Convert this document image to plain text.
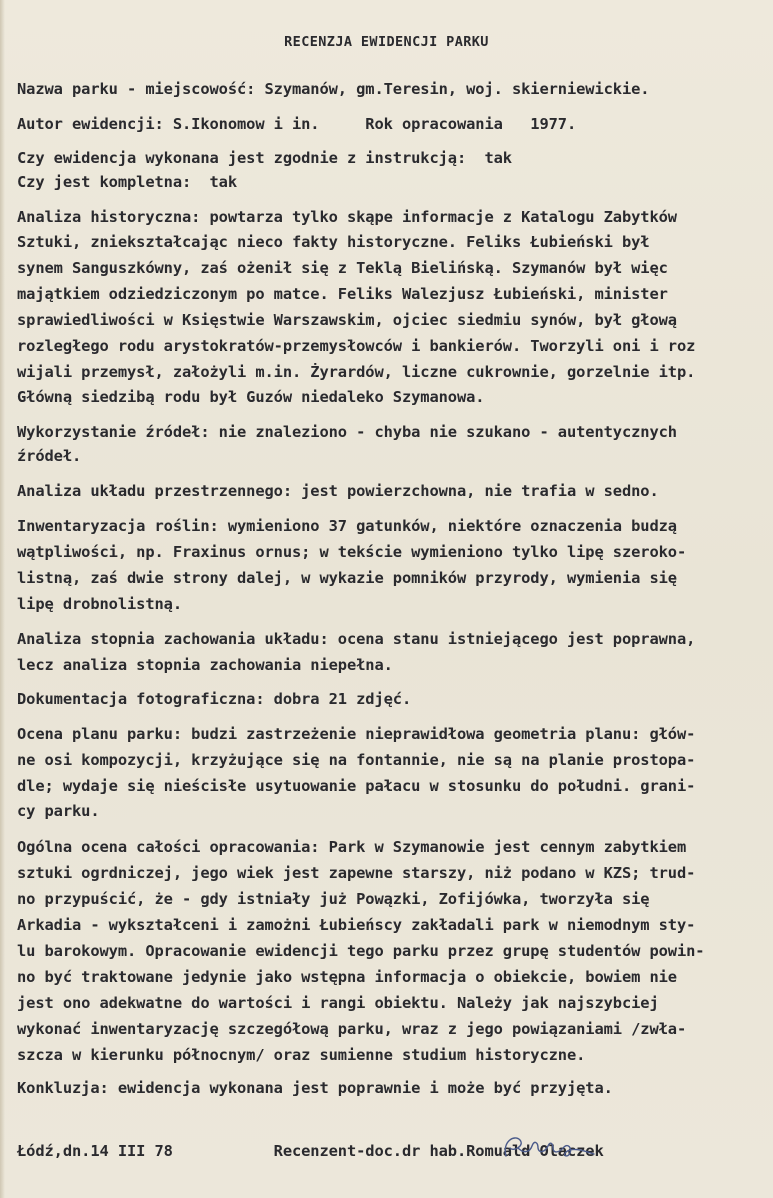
RECENZJA EWIDENCJI PARKU
Nazwa parku - miejscowość: Szymanów, gm.Teresin, woj. skierniewickie.
Autor ewidencji: S.Ikonomow i in.     Rok opracowania   1977.
Czy ewidencja wykonana jest zgodnie z instrukcją:  tak
Czy jest kompletna:  tak
Analiza historyczna: powtarza tylko skąpe informacje z Katalogu Zabytków
Sztuki, zniekształcając nieco fakty historyczne. Feliks Łubieński był
synem Sanguszkówny, zaś ożenił się z Teklą Bielińską. Szymanów był więc
majątkiem odziedziczonym po matce. Feliks Walezjusz Łubieński, minister
sprawiedliwości w Księstwie Warszawskim, ojciec siedmiu synów, był głową
rozległego rodu arystokratów-przemysłowców i bankierów. Tworzyli oni i roz
wijali przemysł, założyli m.in. Żyrardów, liczne cukrownie, gorzelnie itp.
Główną siedzibą rodu był Guzów niedaleko Szymanowa.
Wykorzystanie źródeł: nie znaleziono - chyba nie szukano - autentycznych
źródeł.
Analiza układu przestrzennego: jest powierzchowna, nie trafia w sedno.
Inwentaryzacja roślin: wymieniono 37 gatunków, niektóre oznaczenia budzą
wątpliwości, np. Fraxinus ornus; w tekście wymieniono tylko lipę szeroko-
listną, zaś dwie strony dalej, w wykazie pomników przyrody, wymienia się
lipę drobnolistną.
Analiza stopnia zachowania układu: ocena stanu istniejącego jest poprawna,
lecz analiza stopnia zachowania niepełna.
Dokumentacja fotograficzna: dobra 21 zdjęć.
Ocena planu parku: budzi zastrzeżenie nieprawidłowa geometria planu: głów-
ne osi kompozycji, krzyżujące się na fontannie, nie są na planie prostopa-
dle; wydaje się nieścisłe usytuowanie pałacu w stosunku do południ. grani-
cy parku.
Ogólna ocena całości opracowania: Park w Szymanowie jest cennym zabytkiem
sztuki ogrdniczej, jego wiek jest zapewne starszy, niż podano w KZS; trud-
no przypuścić, że - gdy istniały już Powązki, Zofijówka, tworzyła się
Arkadia - wykształceni i zamożni Łubieńscy zakładali park w niemodnym sty-
lu barokowym. Opracowanie ewidencji tego parku przez grupę studentów powin-
no być traktowane jedynie jako wstępna informacja o obiekcie, bowiem nie
jest ono adekwatne do wartości i rangi obiektu. Należy jak najszybciej
wykonać inwentaryzację szczegółową parku, wraz z jego powiązaniami /zwła-
szcza w kierunku północnym/ oraz sumienne studium historyczne.
Konkluzja: ewidencja wykonana jest poprawnie i może być przyjęta.
Łódź,dn.14 III 78           Recenzent-doc.dr hab.Romuald Olaczek
